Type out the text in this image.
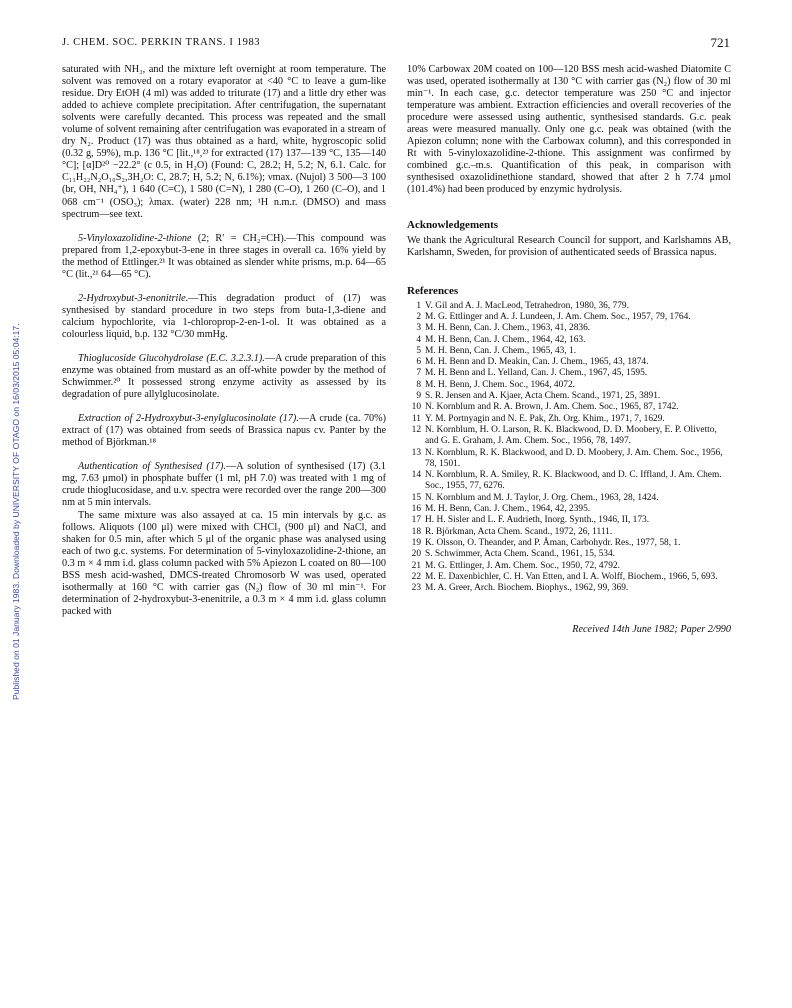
J. CHEM. SOC. PERKIN TRANS. I 1983	721
Published on 01 January 1983. Downloaded by UNIVERSITY OF OTAGO on 16/03/2015 05:04:17.

saturated with NH₃, and the mixture left overnight at room temperature. The solvent was removed on a rotary evaporator at <40 °C to leave a gum-like residue. Dry EtOH (4 ml) was added to triturate (17) and a little dry ether was added to achieve complete precipitation. After centrifugation, the supernatant solvents were carefully decanted. This process was repeated and the small volume of solvent remaining after centrifugation was evaporated in a stream of dry N₂. Product (17) was thus obtained as a hard, white, hygroscopic solid (0.32 g, 59%), m.p. 136 °C [lit.,¹⁸,²³ for extracted (17) 137—139 °C, 135—140 °C]; [α]D²⁰ −22.2° (c 0.5, in H₂O) (Found: C, 28.2; H, 5.2; N, 6.1. Calc. for C₁₁H₂₂N₂O₁₀S₂,3H₂O: C, 28.7; H, 5.2; N, 6.1%); νmax. (Nujol) 3 500—3 100 (br, OH, NH₄⁺), 1 640 (C=C), 1 580 (C=N), 1 280 (C–O), 1 260 (C–O), and 1 068 cm⁻¹ (OSO₃); λmax. (water) 228 nm; ¹H n.m.r. (DMSO) and mass spectrum—see text.

5-Vinyloxazolidine-2-thione (2; R′ = CH₂=CH).—This compound was prepared from 1,2-epoxybut-3-ene in three stages in overall ca. 16% yield by the method of Ettlinger.²¹ It was obtained as slender white prisms, m.p. 64—65 °C (lit.,²¹ 64—65 °C).

2-Hydroxybut-3-enonitrile.—This degradation product of (17) was synthesised by standard procedure in two steps from buta-1,3-diene and calcium hypochlorite, via 1-chloroprop-2-en-1-ol. It was obtained as a colourless liquid, b.p. 132 °C/30 mmHg.

Thioglucoside Glucohydrolase (E.C. 3.2.3.1).—A crude preparation of this enzyme was obtained from mustard as an off-white powder by the method of Schwimmer.²⁰ It possessed strong enzyme activity as assessed by its degradation of pure allylglucosinolate.

Extraction of 2-Hydroxybut-3-enylglucosinolate (17).—A crude (ca. 70%) extract of (17) was obtained from seeds of Brassica napus cv. Panter by the method of Björkman.¹⁸

Authentication of Synthesised (17).—A solution of synthesised (17) (3.1 mg, 7.63 μmol) in phosphate buffer (1 ml, pH 7.0) was treated with 1 mg of crude thioglucosidase, and u.v. spectra were recorded over the range 200—300 nm at 5 min intervals.

The same mixture was also assayed at ca. 15 min intervals by g.c. as follows. Aliquots (100 μl) were mixed with CHCl₃ (900 μl) and NaCl, and shaken for 0.5 min, after which 5 μl of the organic phase was analysed using each of two g.c. systems. For determination of 5-vinyloxazolidine-2-thione, an 0.3 m × 4 mm i.d. glass column packed with 5% Apiezon L coated on 80—100 BSS mesh acid-washed, DMCS-treated Chromosorb W was used, operated isothermally at 160 °C with carrier gas (N₂) flow of 30 ml min⁻¹. For determination of 2-hydroxybut-3-enenitrile, a 0.3 m × 4 mm i.d. glass column packed with

10% Carbowax 20M coated on 100—120 BSS mesh acid-washed Diatomite C was used, operated isothermally at 130 °C with carrier gas (N₂) flow of 30 ml min⁻¹. In each case, g.c. detector temperature was 250 °C and injector temperature was ambient. Extraction efficiencies and overall recoveries of the procedure were assessed using authentic, synthesised standards. G.c. peak areas were measured manually. Only one g.c. peak was obtained (with the Apiezon column; none with the Carbowax column), and this corresponded in Rt with 5-vinyloxazolidine-2-thione. This assignment was confirmed by combined g.c.–m.s. Quantification of this peak, in comparison with synthesised oxazolidinethione standard, showed that after 2 h 7.74 μmol (101.4%) had been produced by enzymic hydrolysis.

Acknowledgements

We thank the Agricultural Research Council for support, and Karlshamns AB, Karlshamn, Sweden, for provision of authenticated seeds of Brassica napus.

References
1 V. Gil and A. J. MacLeod, Tetrahedron, 1980, 36, 779.
2 M. G. Ettlinger and A. J. Lundeen, J. Am. Chem. Soc., 1957, 79, 1764.
3 M. H. Benn, Can. J. Chem., 1963, 41, 2836.
4 M. H. Benn, Can. J. Chem., 1964, 42, 163.
5 M. H. Benn, Can. J. Chem., 1965, 43, 1.
6 M. H. Benn and D. Meakin, Can. J. Chem., 1965, 43, 1874.
7 M. H. Benn and L. Yelland, Can. J. Chem., 1967, 45, 1595.
8 M. H. Benn, J. Chem. Soc., 1964, 4072.
9 S. R. Jensen and A. Kjaer, Acta Chem. Scand., 1971, 25, 3891.
10 N. Kornblum and R. A. Brown, J. Am. Chem. Soc., 1965, 87, 1742.
11 Y. M. Portnyagin and N. E. Pak, Zh. Org. Khim., 1971, 7, 1629.
12 N. Kornblum, H. O. Larson, R. K. Blackwood, D. D. Moobery, E. P. Olivetto, and G. E. Graham, J. Am. Chem. Soc., 1956, 78, 1497.
13 N. Kornblum, R. K. Blackwood, and D. D. Moobery, J. Am. Chem. Soc., 1956, 78, 1501.
14 N. Kornblum, R. A. Smiley, R. K. Blackwood, and D. C. Iffland, J. Am. Chem. Soc., 1955, 77, 6276.
15 N. Kornblum and M. J. Taylor, J. Org. Chem., 1963, 28, 1424.
16 M. H. Benn, Can. J. Chem., 1964, 42, 2395.
17 H. H. Sisler and L. F. Audrieth, Inorg. Synth., 1946, II, 173.
18 R. Björkman, Acta Chem. Scand., 1972, 26, 1111.
19 K. Olsson, O. Theander, and P. Åman, Carbohydr. Res., 1977, 58, 1.
20 S. Schwimmer, Acta Chem. Scand., 1961, 15, 534.
21 M. G. Ettlinger, J. Am. Chem. Soc., 1950, 72, 4792.
22 M. E. Daxenbichler, C. H. Van Etten, and I. A. Wolff, Biochem., 1966, 5, 693.
23 M. A. Greer, Arch. Biochem. Biophys., 1962, 99, 369.
Received 14th June 1982; Paper 2/990
